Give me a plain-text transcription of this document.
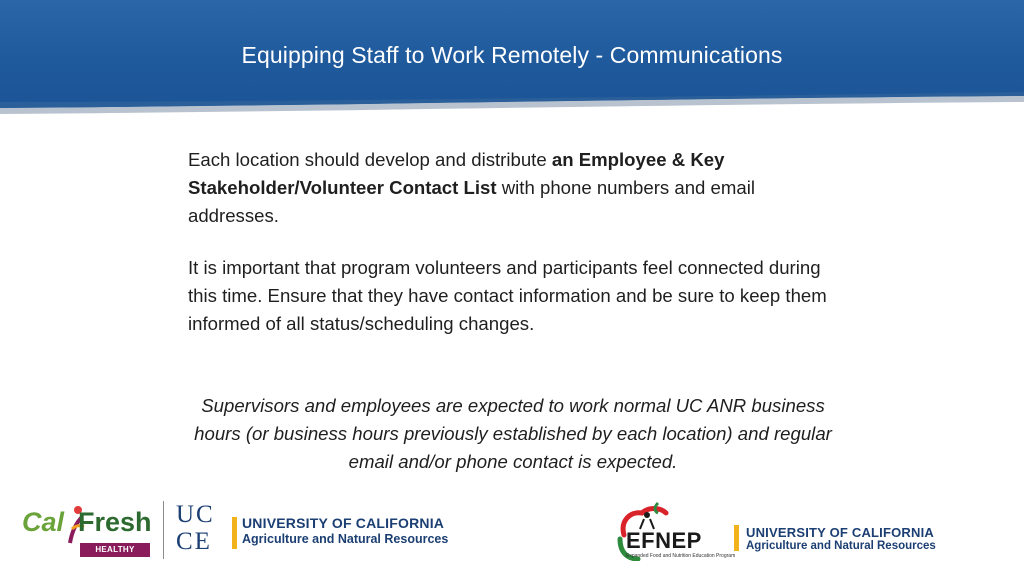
Equipping Staff to Work Remotely - Communications

Each location should develop and distribute an Employee & Key Stakeholder/Volunteer Contact List with phone numbers and email addresses.

It is important that program volunteers and participants feel connected during this time. Ensure that they have contact information and be sure to keep them informed of all status/scheduling changes.

Supervisors and employees are expected to work normal UC ANR business hours (or business hours previously established by each location) and regular email and/or phone contact is expected.
Cal Fresh
HEALTHY LIVING
UC
CE
UNIVERSITY OF CALIFORNIA
Agriculture and Natural Resources	EFNEP
Expanded Food and Nutrition Education Program
UNIVERSITY OF CALIFORNIA
Agriculture and Natural Resources
